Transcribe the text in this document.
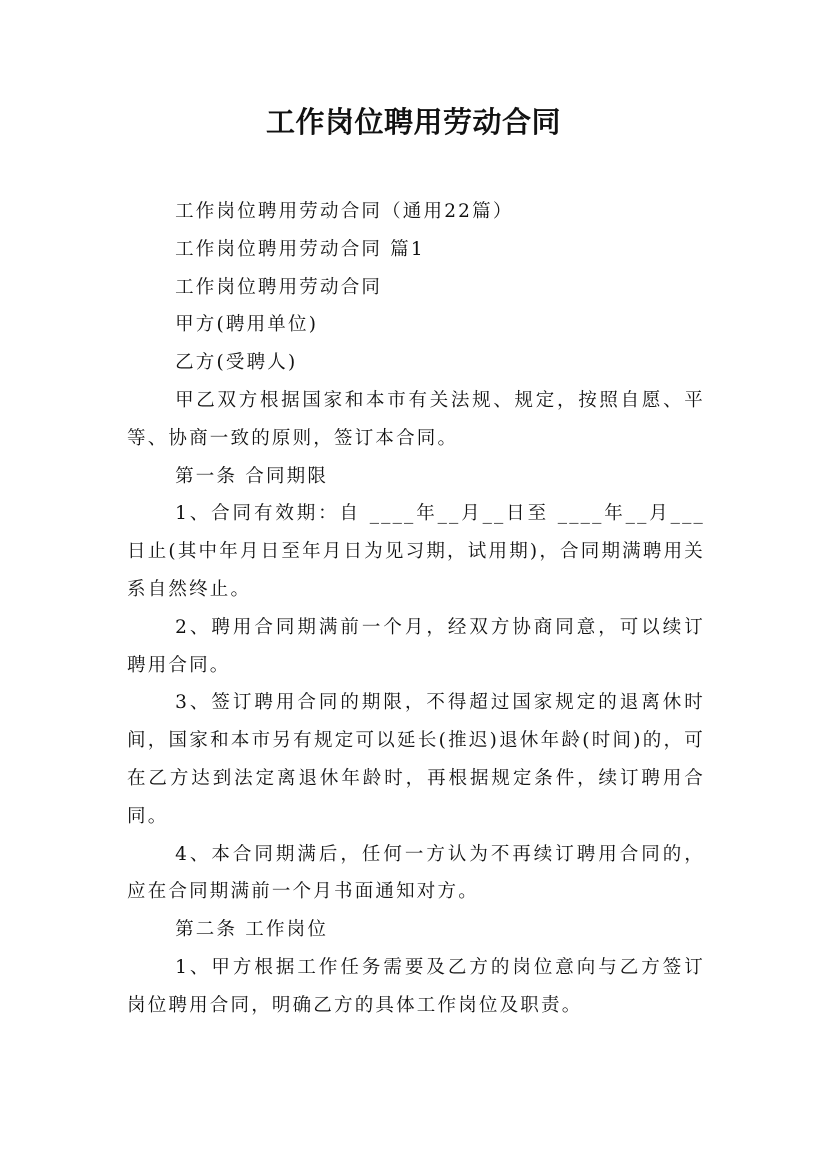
工作岗位聘用劳动合同

工作岗位聘用劳动合同（通用22篇）

工作岗位聘用劳动合同 篇1

工作岗位聘用劳动合同

甲方(聘用单位)

乙方(受聘人)

甲乙双方根据国家和本市有关法规、规定，按照自愿、平等、协商一致的原则，签订本合同。

第一条 合同期限

1、合同有效期：自 ____年__月__日至 ____年__月___日止(其中年月日至年月日为见习期，试用期)，合同期满聘用关系自然终止。

2、聘用合同期满前一个月，经双方协商同意，可以续订聘用合同。

3、签订聘用合同的期限，不得超过国家规定的退离休时间，国家和本市另有规定可以延长(推迟)退休年龄(时间)的，可在乙方达到法定离退休年龄时，再根据规定条件，续订聘用合同。

4、本合同期满后，任何一方认为不再续订聘用合同的，应在合同期满前一个月书面通知对方。

第二条 工作岗位

1、甲方根据工作任务需要及乙方的岗位意向与乙方签订岗位聘用合同，明确乙方的具体工作岗位及职责。
